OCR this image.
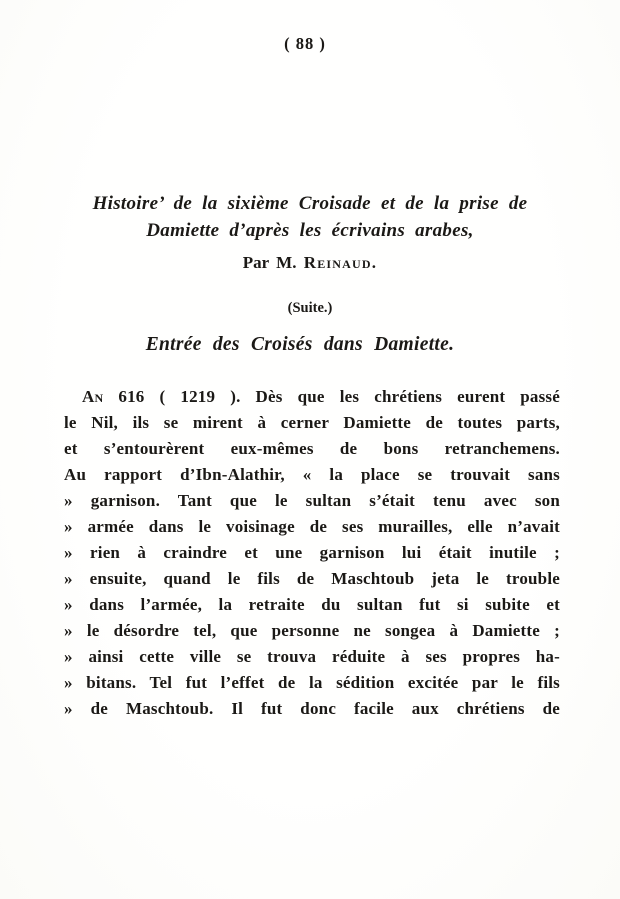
( 88 )
Histoire’ de la sixième Croisade et de la prise de
Damiette d’après les écrivains arabes,
Par M. Reinaud.
(Suite.)
Entrée des Croisés dans Damiette.
An 616 ( 1219 ). Dès que les chrétiens eurent passé
le Nil, ils se mirent à cerner Damiette de toutes parts,
et s’entourèrent eux-mêmes de bons retranchemens.
Au rapport d’Ibn-Alathir, « la place se trouvait sans
» garnison. Tant que le sultan s’était tenu avec son
» armée dans le voisinage de ses murailles, elle n’avait
» rien à craindre et une garnison lui était inutile ;
» ensuite, quand le fils de Maschtoub jeta le trouble
» dans l’armée, la retraite du sultan fut si subite et
» le désordre tel, que personne ne songea à Damiette ;
» ainsi cette ville se trouva réduite à ses propres ha-
» bitans. Tel fut l’effet de la sédition excitée par le fils
» de Maschtoub. Il fut donc facile aux chrétiens de
